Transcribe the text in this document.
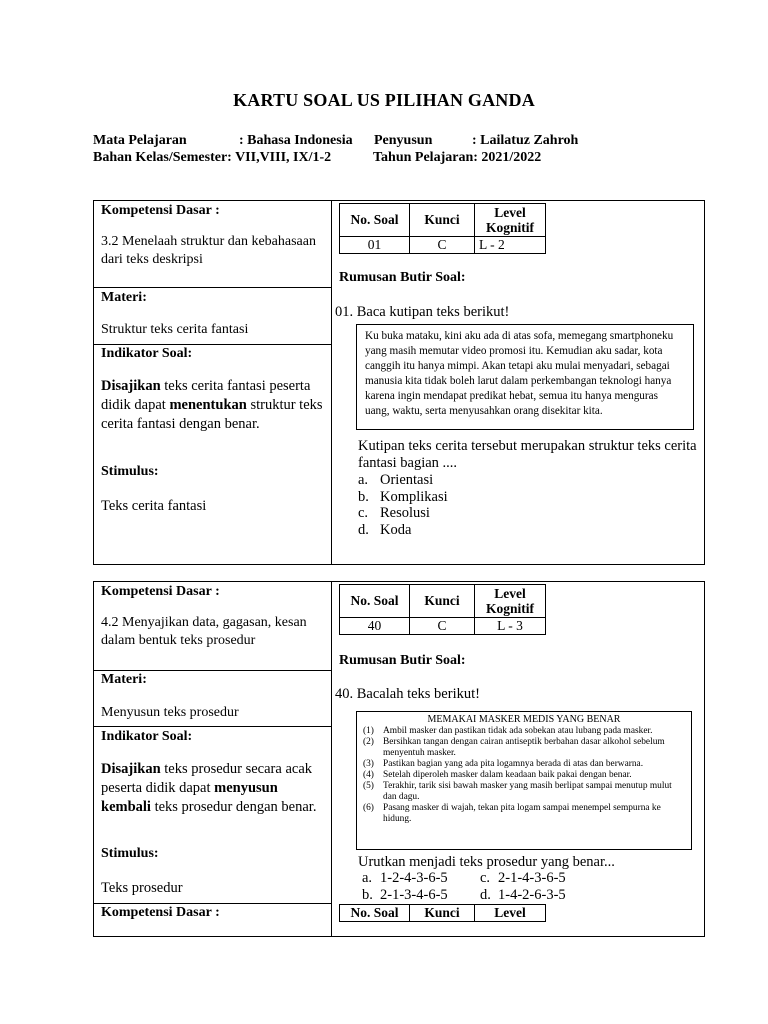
KARTU SOAL US PILIHAN GANDA
Mata Pelajaran	: Bahasa Indonesia Penyusun	: Lailatuz Zahroh
Bahan Kelas/Semester: VII,VIII, IX/1-2	Tahun Pelajaran: 2021/2022
Kompetensi Dasar :
3.2 Menelaah struktur dan kebahasaan dari teks deskripsi
Materi:
Struktur teks cerita fantasi
Indikator Soal:
Disajikan teks cerita fantasi peserta didik dapat menentukan struktur teks cerita fantasi dengan benar.
Stimulus:
Teks cerita fantasi
No. Soal	Kunci	Level
Kognitif
01	C	L - 2
Rumusan Butir Soal:
01. Baca kutipan teks berikut!
Ku buka mataku, kini aku ada di atas sofa, memegang smartphoneku yang masih memutar video promosi itu. Kemudian aku sadar, kota canggih itu hanya mimpi. Akan tetapi aku mulai menyadari, sebagai manusia kita tidak boleh larut dalam perkembangan teknologi hanya karena ingin mendapat predikat hebat, semua itu hanya menguras uang, waktu, serta menyusahkan orang disekitar kita.
Kutipan teks cerita tersebut merupakan struktur teks cerita fantasi bagian ....
a. Orientasi
b. Komplikasi
c. Resolusi
d. Koda
Kompetensi Dasar :
4.2 Menyajikan data, gagasan, kesan dalam bentuk teks prosedur
Materi:
Menyusun teks prosedur
Indikator Soal:
Disajikan teks prosedur secara acak peserta didik dapat menyusun kembali teks prosedur dengan benar.
Stimulus:
Teks prosedur
No. Soal	Kunci	Level
Kognitif
40	C	L - 3
Rumusan Butir Soal:
40. Bacalah teks berikut!
MEMAKAI MASKER MEDIS YANG BENAR
(1) Ambil masker dan pastikan tidak ada sobekan atau lubang pada masker.
(2) Bersihkan tangan dengan cairan antiseptik berbahan dasar alkohol sebelum menyentuh masker.
(3) Pastikan bagian yang ada pita logamnya berada di atas dan berwarna.
(4) Setelah diperoleh masker dalam keadaan baik pakai dengan benar.
(5) Terakhir, tarik sisi bawah masker yang masih berlipat sampai menutup mulut dan dagu.
(6) Pasang masker di wajah, tekan pita logam sampai menempel sempurna ke hidung.
Urutkan menjadi teks prosedur yang benar...
a. 1-2-4-3-6-5 c. 2-1-4-3-6-5
b. 2-1-3-4-6-5 d. 1-4-2-6-3-5
Kompetensi Dasar :	No. Soal	Kunci	Level
